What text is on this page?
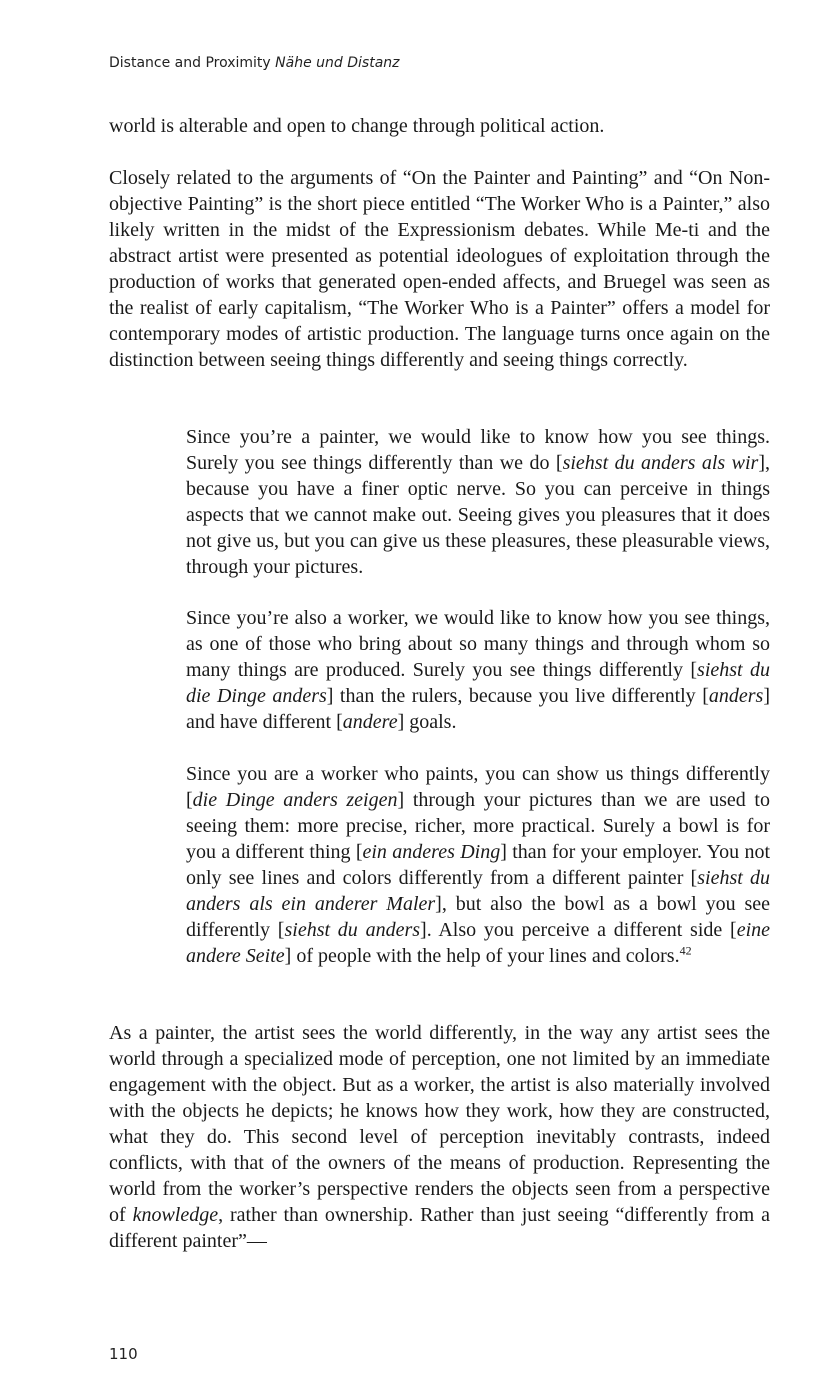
Distance and Proximity Nähe und Distanz

world is alterable and open to change through political action.

Closely related to the arguments of “On the Painter and Painting” and “On Non-objective Painting” is the short piece entitled “The Worker Who is a Painter,” also likely written in the midst of the Expressionism debates. While Me-ti and the abstract artist were presented as potential ideologues of exploitation through the production of works that generated open-ended affects, and Bruegel was seen as the realist of early capitalism, “The Worker Who is a Painter” offers a model for contemporary modes of artistic production. The language turns once again on the distinction between seeing things differently and seeing things correctly.

Since you’re a painter, we would like to know how you see things. Surely you see things differently than we do [siehst du anders als wir], because you have a finer optic nerve. So you can perceive in things aspects that we cannot make out. Seeing gives you pleasures that it does not give us, but you can give us these pleasures, these pleasurable views, through your pictures.

Since you’re also a worker, we would like to know how you see things, as one of those who bring about so many things and through whom so many things are produced. Surely you see things differently [siehst du die Dinge anders] than the rulers, because you live differently [anders] and have different [andere] goals.

Since you are a worker who paints, you can show us things differently [die Dinge anders zeigen] through your pictures than we are used to seeing them: more precise, richer, more practical. Surely a bowl is for you a different thing [ein anderes Ding] than for your employer. You not only see lines and colors differently from a different painter [siehst du anders als ein anderer Maler], but also the bowl as a bowl you see differently [siehst du anders]. Also you perceive a different side [eine andere Seite] of people with the help of your lines and colors.$^{42}$

As a painter, the artist sees the world differently, in the way any artist sees the world through a specialized mode of perception, one not limited by an immediate engagement with the object. But as a worker, the artist is also materially involved with the objects he depicts; he knows how they work, how they are constructed, what they do. This second level of perception inevitably contrasts, indeed conflicts, with that of the owners of the means of production. Representing the world from the worker’s perspective renders the objects seen from a perspective of knowledge, rather than ownership. Rather than just seeing “differently from a different painter”—

110
